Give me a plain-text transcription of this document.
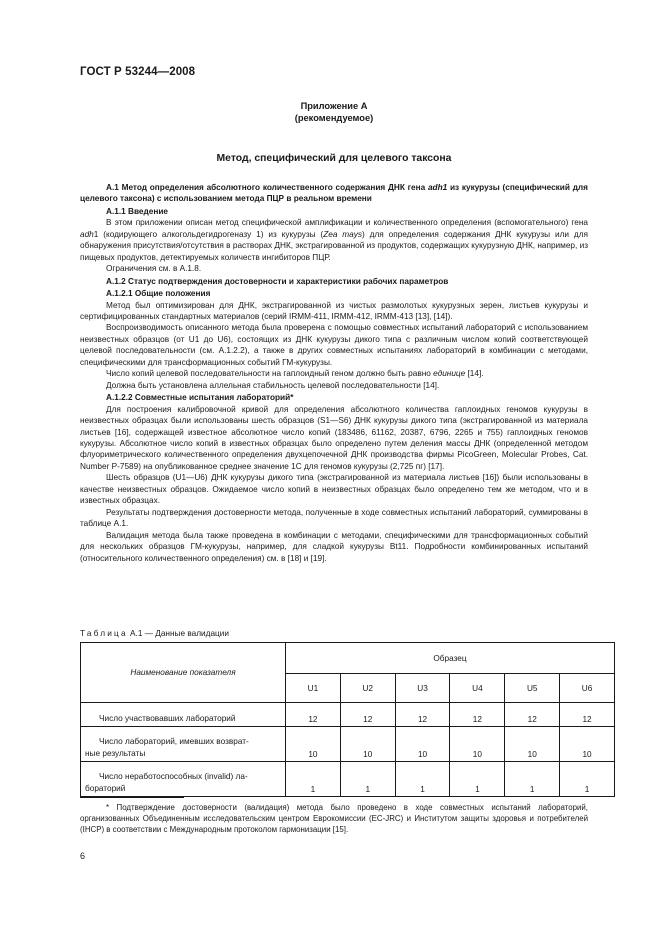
ГОСТ Р 53244—2008
Приложение А
(рекомендуемое)
Метод, специфический для целевого таксона

А.1 Метод определения абсолютного количественного содержания ДНК гена adh1 из кукурузы (специфический для целевого таксона) с использованием метода ПЦР в реальном времени

А.1.1 Введение

В этом приложении описан метод специфической амплификации и количественного определения (вспомогательного) гена adh1 (кодирующего алкогольдегидрогеназу 1) из кукурузы (Zea mays) для определения содержания ДНК кукурузы или для обнаружения присутствия/отсутствия в растворах ДНК, экстрагированной из продуктов, содержащих кукурузную ДНК, например, из пищевых продуктов, детектируемых количеств ингибиторов ПЦР.

Ограничения см. в А.1.8.

А.1.2 Статус подтверждения достоверности и характеристики рабочих параметров

А.1.2.1 Общие положения

Метод был оптимизирован для ДНК, экстрагированной из чистых размолотых кукурузных зерен, листьев кукурузы и сертифицированных стандартных материалов (серий IRMM-411, IRMM-412, IRMM-413 [13], [14]).

Воспроизводимость описанного метода была проверена с помощью совместных испытаний лабораторий с использованием неизвестных образцов (от U1 до U6), состоящих из ДНК кукурузы дикого типа с различным числом копий соответствующей целевой последовательности (см. А.1.2.2), а также в других совместных испытаниях лабораторий в комбинации с методами, специфическими для трансформационных событий ГМ-кукурузы.

Число копий целевой последовательности на гаплоидный геном должно быть равно единице [14].

Должна быть установлена аллельная стабильность целевой последовательности [14].

А.1.2.2 Совместные испытания лабораторий*

Для построения калибровочной кривой для определения абсолютного количества гаплоидных геномов кукурузы в неизвестных образцах были использованы шесть образцов (S1—S6) ДНК кукурузы дикого типа (экстрагированной из материала листьев [16], содержащей известное абсолютное число копий (183486, 61162, 20387, 6796, 2265 и 755) гаплоидных геномов кукурузы. Абсолютное число копий в известных образцах было определено путем деления массы ДНК (определенной методом флуориметрического количественного определения двухцепочечной ДНК производства фирмы PicoGreen, Molecular Probes, Cat. Number P-7589) на опубликованное среднее значение 1С для геномов кукурузы (2,725 пг) [17].

Шесть образцов (U1—U6) ДНК кукурузы дикого типа (экстрагированной из материала листьев [16]) были использованы в качестве неизвестных образцов. Ожидаемое число копий в неизвестных образцах было определено тем же методом, что и в известных образцах.

Результаты подтверждения достоверности метода, полученные в ходе совместных испытаний лабораторий, суммированы в таблице А.1.

Валидация метода была также проведена в комбинации с методами, специфическими для трансформационных событий для нескольких образцов ГМ-кукурузы, например, для сладкой кукурузы Bt11. Подробности комбинированных испытаний (относительного количественного определения) см. в [18] и [19].

Таблица А.1 — Данные валидации
Наименование показателя	Образец					
	U1	U2	U3	U4	U5	U6

Число участвовавших лабораторий	12	12	12	12	12	12

Число лабораторий, имевших возврат-
ные результаты	10	10	10	10	10	10

Число неработоспособных (invalid) ла-
бораторий	1	1	1	1	1	1
* Подтверждение достоверности (валидация) метода было проведено в ходе совместных испытаний лабораторий, организованных Объединенным исследовательским центром Еврокомиссии (EC-JRC) и Институтом защиты здоровья и потребителей (IHCP) в соответствии с Международным протоколом гармонизации [15].
6
